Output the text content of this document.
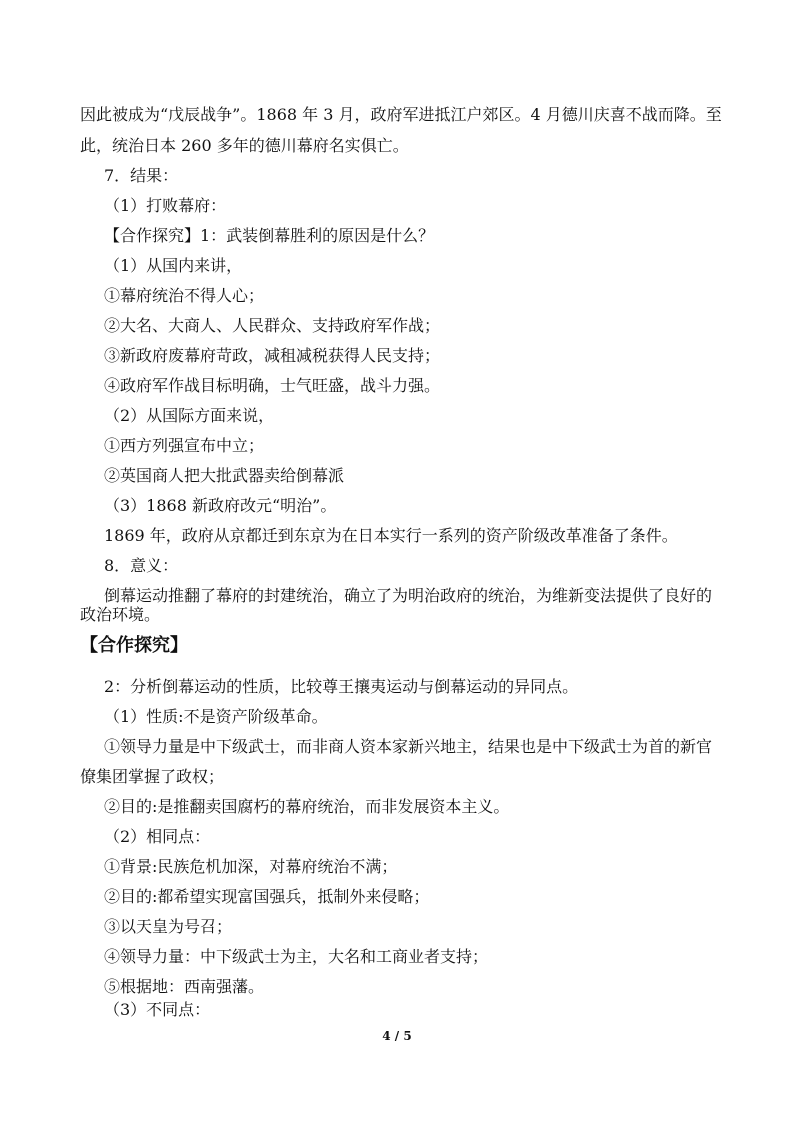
因此被成为“戊辰战争”。1868 年 3 月，政府军进抵江户郊区。4 月德川庆喜不战而降。至
此，统治日本 260 多年的德川幕府名实俱亡。
7．结果：
（1）打败幕府：
【合作探究】1：武装倒幕胜利的原因是什么？
（1）从国内来讲，
①幕府统治不得人心；
②大名、大商人、人民群众、支持政府军作战；
③新政府废幕府苛政，减租减税获得人民支持；
④政府军作战目标明确，士气旺盛，战斗力强。
（2）从国际方面来说，
①西方列强宣布中立；
②英国商人把大批武器卖给倒幕派
（3）1868 新政府改元“明治”。
1869 年，政府从京都迁到东京为在日本实行一系列的资产阶级改革准备了条件。
8．意义：
倒幕运动推翻了幕府的封建统治，确立了为明治政府的统治，为维新变法提供了良好的
政治环境。
【合作探究】
2：分析倒幕运动的性质，比较尊王攘夷运动与倒幕运动的异同点。
（1）性质:不是资产阶级革命。
①领导力量是中下级武士，而非商人资本家新兴地主，结果也是中下级武士为首的新官
僚集团掌握了政权；
②目的:是推翻卖国腐朽的幕府统治，而非发展资本主义。
（2）相同点：
①背景:民族危机加深，对幕府统治不满；
②目的:都希望实现富国强兵，抵制外来侵略；
③以天皇为号召；
④领导力量：中下级武士为主，大名和工商业者支持；
⑤根据地：西南强藩。
（3）不同点：
4 / 5
